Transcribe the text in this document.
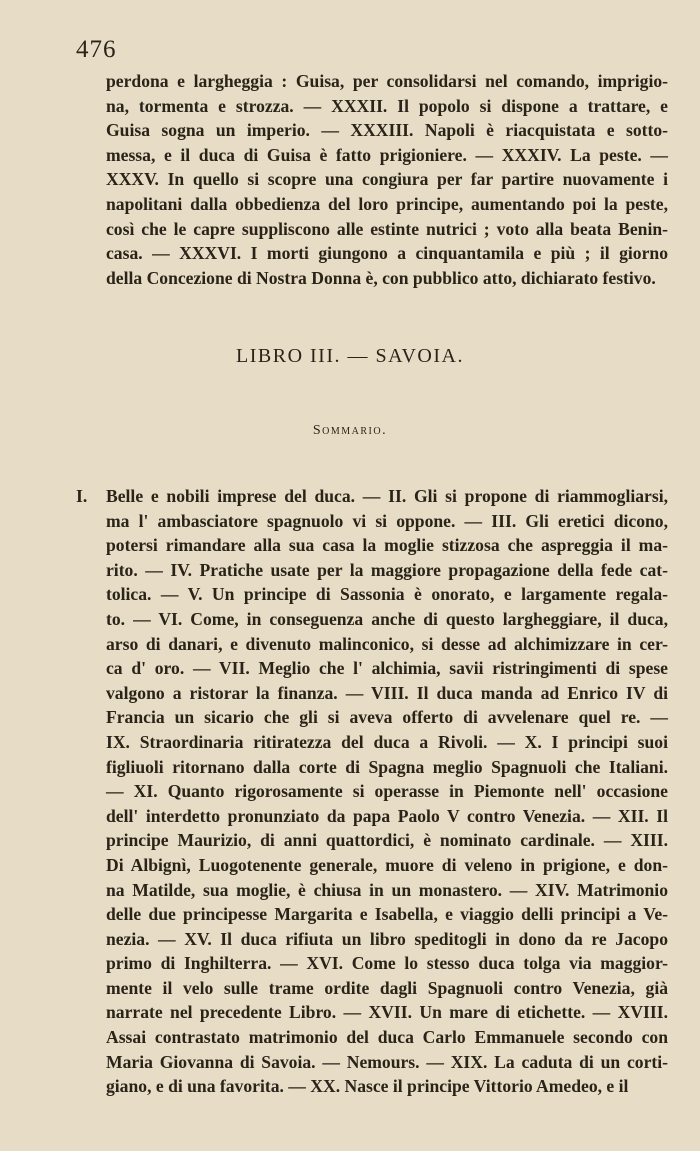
476

perdona e largheggia : Guisa, per consolidarsi nel comando, imprigio-
na, tormenta e strozza. — XXXII. Il popolo si dispone a trattare, e
Guisa sogna un imperio. — XXXIII. Napoli è riacquistata e sotto-
messa, e il duca di Guisa è fatto prigioniere. — XXXIV. La peste. —
XXXV. In quello si scopre una congiura per far partire nuovamente i
napolitani dalla obbedienza del loro principe, aumentando poi la peste,
così che le capre suppliscono alle estinte nutrici ; voto alla beata Benin-
casa. — XXXVI. I morti giungono a cinquantamila e più ; il giorno
della Concezione di Nostra Donna è, con pubblico atto, dichiarato festivo.

LIBRO III. — SAVOIA.
Sommario.
I. Belle e nobili imprese del duca. — II. Gli si propone di riammogliarsi,
ma l' ambasciatore spagnuolo vi si oppone. — III. Gli eretici dicono,
potersi rimandare alla sua casa la moglie stizzosa che aspreggia il ma-
rito. — IV. Pratiche usate per la maggiore propagazione della fede cat-
tolica. — V. Un principe di Sassonia è onorato, e largamente regala-
to. — VI. Come, in conseguenza anche di questo largheggiare, il duca,
arso di danari, e divenuto malinconico, si desse ad alchimizzare in cer-
ca d' oro. — VII. Meglio che l' alchimia, savii ristringimenti di spese
valgono a ristorar la finanza. — VIII. Il duca manda ad Enrico IV di
Francia un sicario che gli si aveva offerto di avvelenare quel re. —
IX. Straordinaria ritiratezza del duca a Rivoli. — X. I principi suoi
figliuoli ritornano dalla corte di Spagna meglio Spagnuoli che Italiani.
— XI. Quanto rigorosamente si operasse in Piemonte nell' occasione
dell' interdetto pronunziato da papa Paolo V contro Venezia. — XII. Il
principe Maurizio, di anni quattordici, è nominato cardinale. — XIII.
Di Albignì, Luogotenente generale, muore di veleno in prigione, e don-
na Matilde, sua moglie, è chiusa in un monastero. — XIV. Matrimonio
delle due principesse Margarita e Isabella, e viaggio delli principi a Ve-
nezia. — XV. Il duca rifiuta un libro speditogli in dono da re Jacopo
primo di Inghilterra. — XVI. Come lo stesso duca tolga via maggior-
mente il velo sulle trame ordite dagli Spagnuoli contro Venezia, già
narrate nel precedente Libro. — XVII. Un mare di etichette. — XVIII.
Assai contrastato matrimonio del duca Carlo Emmanuele secondo con
Maria Giovanna di Savoia. — Nemours. — XIX. La caduta di un corti-
giano, e di una favorita. — XX. Nasce il principe Vittorio Amedeo, e il
